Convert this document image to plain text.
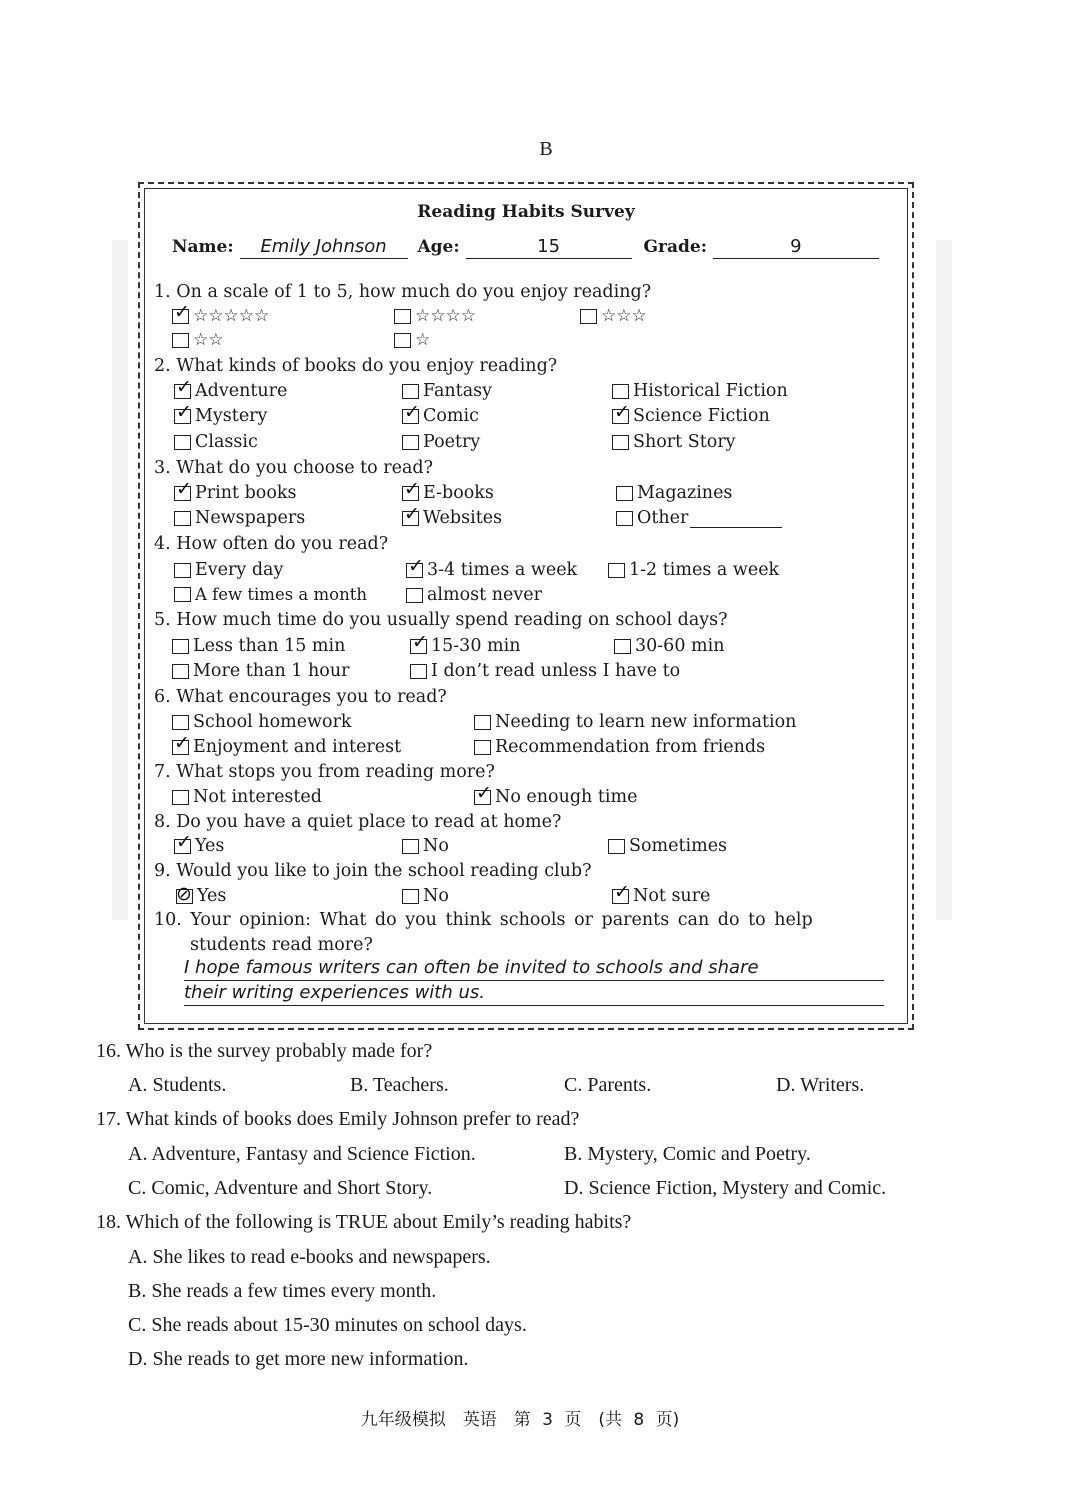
B
Reading Habits Survey
Name: Emily Johnson Age:	15	Grade:	9
1. On a scale of 1 to 5, how much do you enjoy reading?
✓
☆☆☆☆☆	☆☆☆☆	☆☆☆
☆☆	☆
2. What kinds of books do you enjoy reading?
✓
Adventure	Fantasy	Historical Fiction
✓
Mystery ✓	Comic ✓	Science Fiction
Classic	Poetry	Short Story
3. What do you choose to read?
✓
Print books ✓	E-books	Magazines
Newspapers ✓	Websites	Other
4. How often do you read?
Every day ✓	3-4 times a week	1-2 times a week
A few times a month	almost never
5. How much time do you usually spend reading on school days?
Less than 15 min ✓	15-30 min	30-60 min
More than 1 hour	I don’t read unless I have to
6. What encourages you to read?
School homework	Needing to learn new information
✓
Enjoyment and interest	Recommendation from friends
7. What stops you from reading more?
Not interested ✓	No enough time
8. Do you have a quiet place to read at home?
✓
Yes	No	Sometimes
9. Would you like to join the school reading club?
⊘
Yes	No ✓	Not sure
10. Your opinion: What do you think schools or parents can do to help
students read more?
I hope famous writers can often be invited to schools and share
their writing experiences with us.
16. Who is the survey probably made for?
A. Students.	B. Teachers.	C. Parents.	D. Writers.
17. What kinds of books does Emily Johnson prefer to read?
A. Adventure, Fantasy and Science Fiction.	B. Mystery, Comic and Poetry.
C. Comic, Adventure and Short Story.	D. Science Fiction, Mystery and Comic.
18. Which of the following is TRUE about Emily’s reading habits?
A. She likes to read e-books and newspapers.
B. She reads a few times every month.
C. She reads about 15-30 minutes on school days.
D. She reads to get more new information.
九年级模拟　英语　第 3 页　(共 8 页)
